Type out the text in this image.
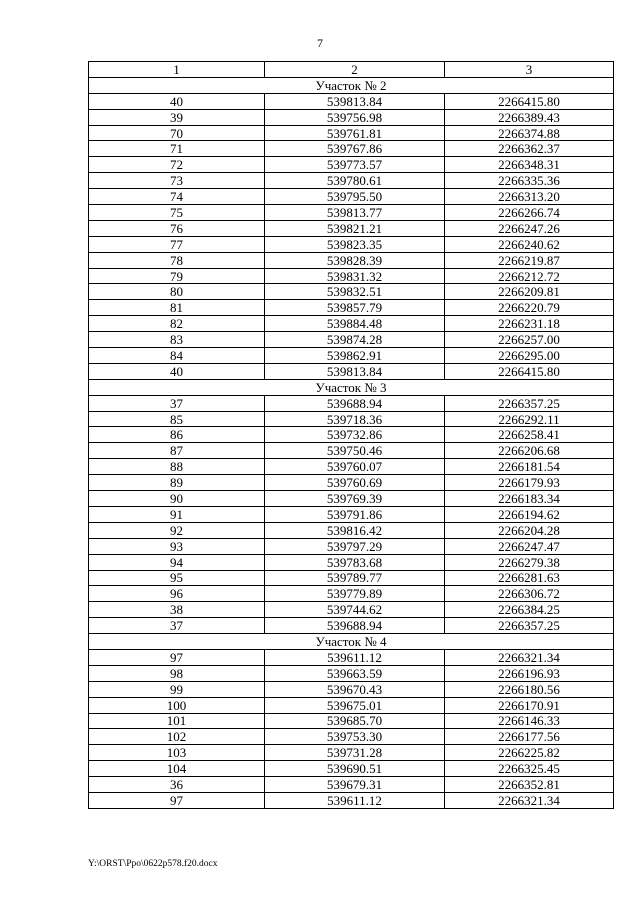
7
1	2	3
Участок № 2		
40	539813.84	2266415.80
39	539756.98	2266389.43
70	539761.81	2266374.88
71	539767.86	2266362.37
72	539773.57	2266348.31
73	539780.61	2266335.36
74	539795.50	2266313.20
75	539813.77	2266266.74
76	539821.21	2266247.26
77	539823.35	2266240.62
78	539828.39	2266219.87
79	539831.32	2266212.72
80	539832.51	2266209.81
81	539857.79	2266220.79
82	539884.48	2266231.18
83	539874.28	2266257.00
84	539862.91	2266295.00
40	539813.84	2266415.80
Участок № 3		
37	539688.94	2266357.25
85	539718.36	2266292.11
86	539732.86	2266258.41
87	539750.46	2266206.68
88	539760.07	2266181.54
89	539760.69	2266179.93
90	539769.39	2266183.34
91	539791.86	2266194.62
92	539816.42	2266204.28
93	539797.29	2266247.47
94	539783.68	2266279.38
95	539789.77	2266281.63
96	539779.89	2266306.72
38	539744.62	2266384.25
37	539688.94	2266357.25
Участок № 4		
97	539611.12	2266321.34
98	539663.59	2266196.93
99	539670.43	2266180.56
100	539675.01	2266170.91
101	539685.70	2266146.33
102	539753.30	2266177.56
103	539731.28	2266225.82
104	539690.51	2266325.45
36	539679.31	2266352.81
97	539611.12	2266321.34
Y:\ORST\Ppo\0622p578.f20.docx
